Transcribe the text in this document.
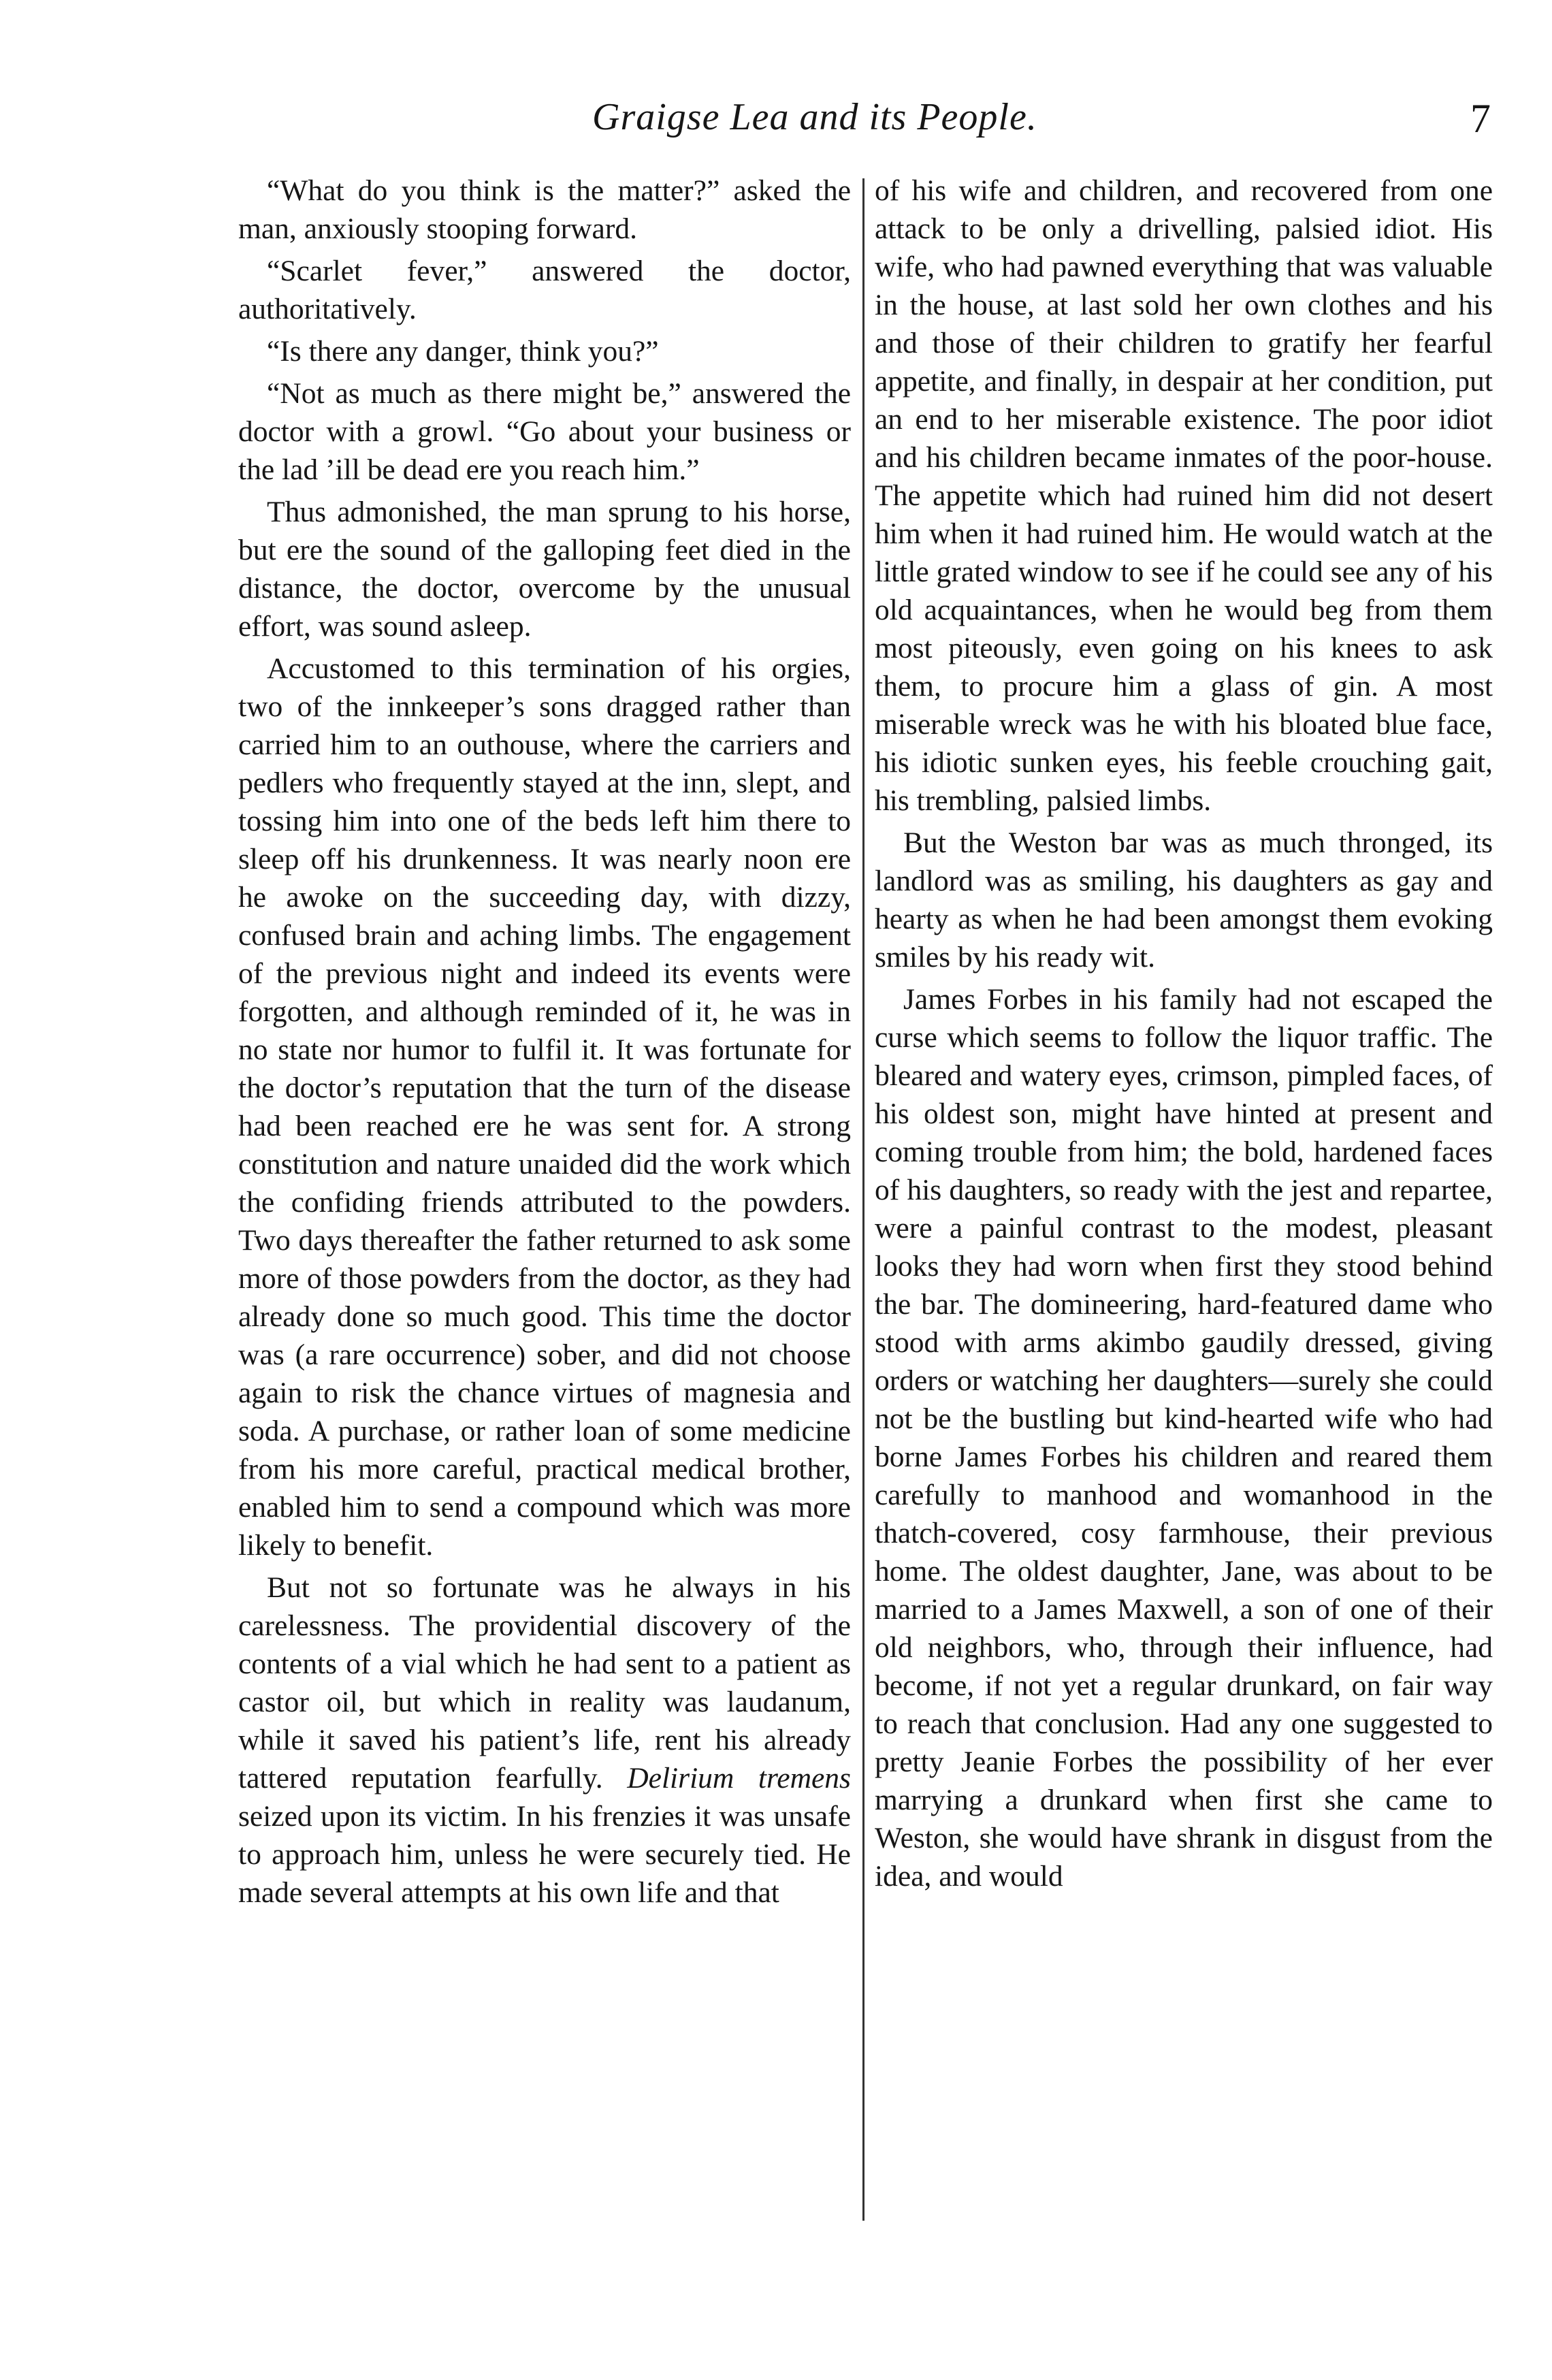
Graigse Lea and its People.	7

“What do you think is the matter?” asked the man, anxiously stooping forward.

“Scarlet fever,” answered the doctor, authoritatively.

“Is there any danger, think you?”

“Not as much as there might be,” answered the doctor with a growl. “Go about your business or the lad ’ill be dead ere you reach him.”

Thus admonished, the man sprung to his horse, but ere the sound of the galloping feet died in the distance, the doctor, overcome by the unusual effort, was sound asleep.

Accustomed to this termination of his orgies, two of the innkeeper’s sons dragged rather than carried him to an outhouse, where the carriers and pedlers who frequently stayed at the inn, slept, and tossing him into one of the beds left him there to sleep off his drunkenness. It was nearly noon ere he awoke on the succeeding day, with dizzy, confused brain and aching limbs. The engagement of the previous night and indeed its events were forgotten, and although reminded of it, he was in no state nor humor to fulfil it. It was fortunate for the doctor’s reputation that the turn of the disease had been reached ere he was sent for. A strong constitution and nature unaided did the work which the confiding friends attributed to the powders. Two days thereafter the father returned to ask some more of those powders from the doctor, as they had already done so much good. This time the doctor was (a rare occurrence) sober, and did not choose again to risk the chance virtues of magnesia and soda. A purchase, or rather loan of some medicine from his more careful, practical medical brother, enabled him to send a compound which was more likely to benefit.

But not so fortunate was he always in his carelessness. The providential discovery of the contents of a vial which he had sent to a patient as castor oil, but which in reality was laudanum, while it saved his patient’s life, rent his already tattered reputation fearfully. Delirium tremens seized upon its victim. In his frenzies it was unsafe to approach him, unless he were securely tied. He made several attempts at his own life and that

of his wife and children, and recovered from one attack to be only a drivelling, palsied idiot. His wife, who had pawned everything that was valuable in the house, at last sold her own clothes and his and those of their children to gratify her fearful appetite, and finally, in despair at her condition, put an end to her miserable existence. The poor idiot and his children became inmates of the poor-house. The appetite which had ruined him did not desert him when it had ruined him. He would watch at the little grated window to see if he could see any of his old acquaintances, when he would beg from them most piteously, even going on his knees to ask them, to procure him a glass of gin. A most miserable wreck was he with his bloated blue face, his idiotic sunken eyes, his feeble crouching gait, his trembling, palsied limbs.

But the Weston bar was as much thronged, its landlord was as smiling, his daughters as gay and hearty as when he had been amongst them evoking smiles by his ready wit.

James Forbes in his family had not escaped the curse which seems to follow the liquor traffic. The bleared and watery eyes, crimson, pimpled faces, of his oldest son, might have hinted at present and coming trouble from him; the bold, hardened faces of his daughters, so ready with the jest and repartee, were a painful contrast to the modest, pleasant looks they had worn when first they stood behind the bar. The domineering, hard-featured dame who stood with arms akimbo gaudily dressed, giving orders or watching her daughters—surely she could not be the bustling but kind-hearted wife who had borne James Forbes his children and reared them carefully to manhood and womanhood in the thatch-covered, cosy farmhouse, their previous home. The oldest daughter, Jane, was about to be married to a James Maxwell, a son of one of their old neighbors, who, through their influence, had become, if not yet a regular drunkard, on fair way to reach that conclusion. Had any one suggested to pretty Jeanie Forbes the possibility of her ever marrying a drunkard when first she came to Weston, she would have shrank in disgust from the idea, and would
